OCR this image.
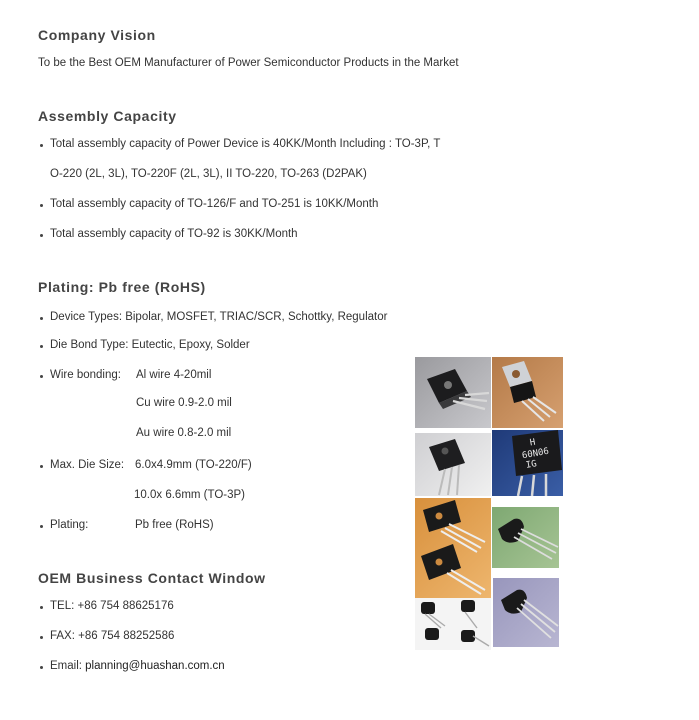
Company Vision
To be the Best OEM Manufacturer of Power Semiconductor Products in the Market
Assembly Capacity
Total assembly capacity of Power Device is 40KK/Month Including : TO-3P, T
O-220 (2L, 3L), TO-220F (2L, 3L), II TO-220, TO-263 (D2PAK)
Total assembly capacity of TO-126/F and TO-251 is 10KK/Month
Total assembly capacity of TO-92 is 30KK/Month
Plating: Pb free (RoHS)
Device Types: Bipolar, MOSFET, TRIAC/SCR, Schottky, Regulator
Die Bond Type: Eutectic, Epoxy, Solder
Wire bonding: Al wire 4-20mil
Cu wire 0.9-2.0 mil
Au wire 0.8-2.0 mil
Max. Die Size: 6.0x4.9mm (TO-220/F)
10.0x 6.6mm (TO-3P)
Plating:	Pb free (RoHS)
OEM Business Contact Window
TEL: +86 754 88625176
FAX: +86 754 88252586
Email: planning@huashan.com.cn
H
60N06
IG
